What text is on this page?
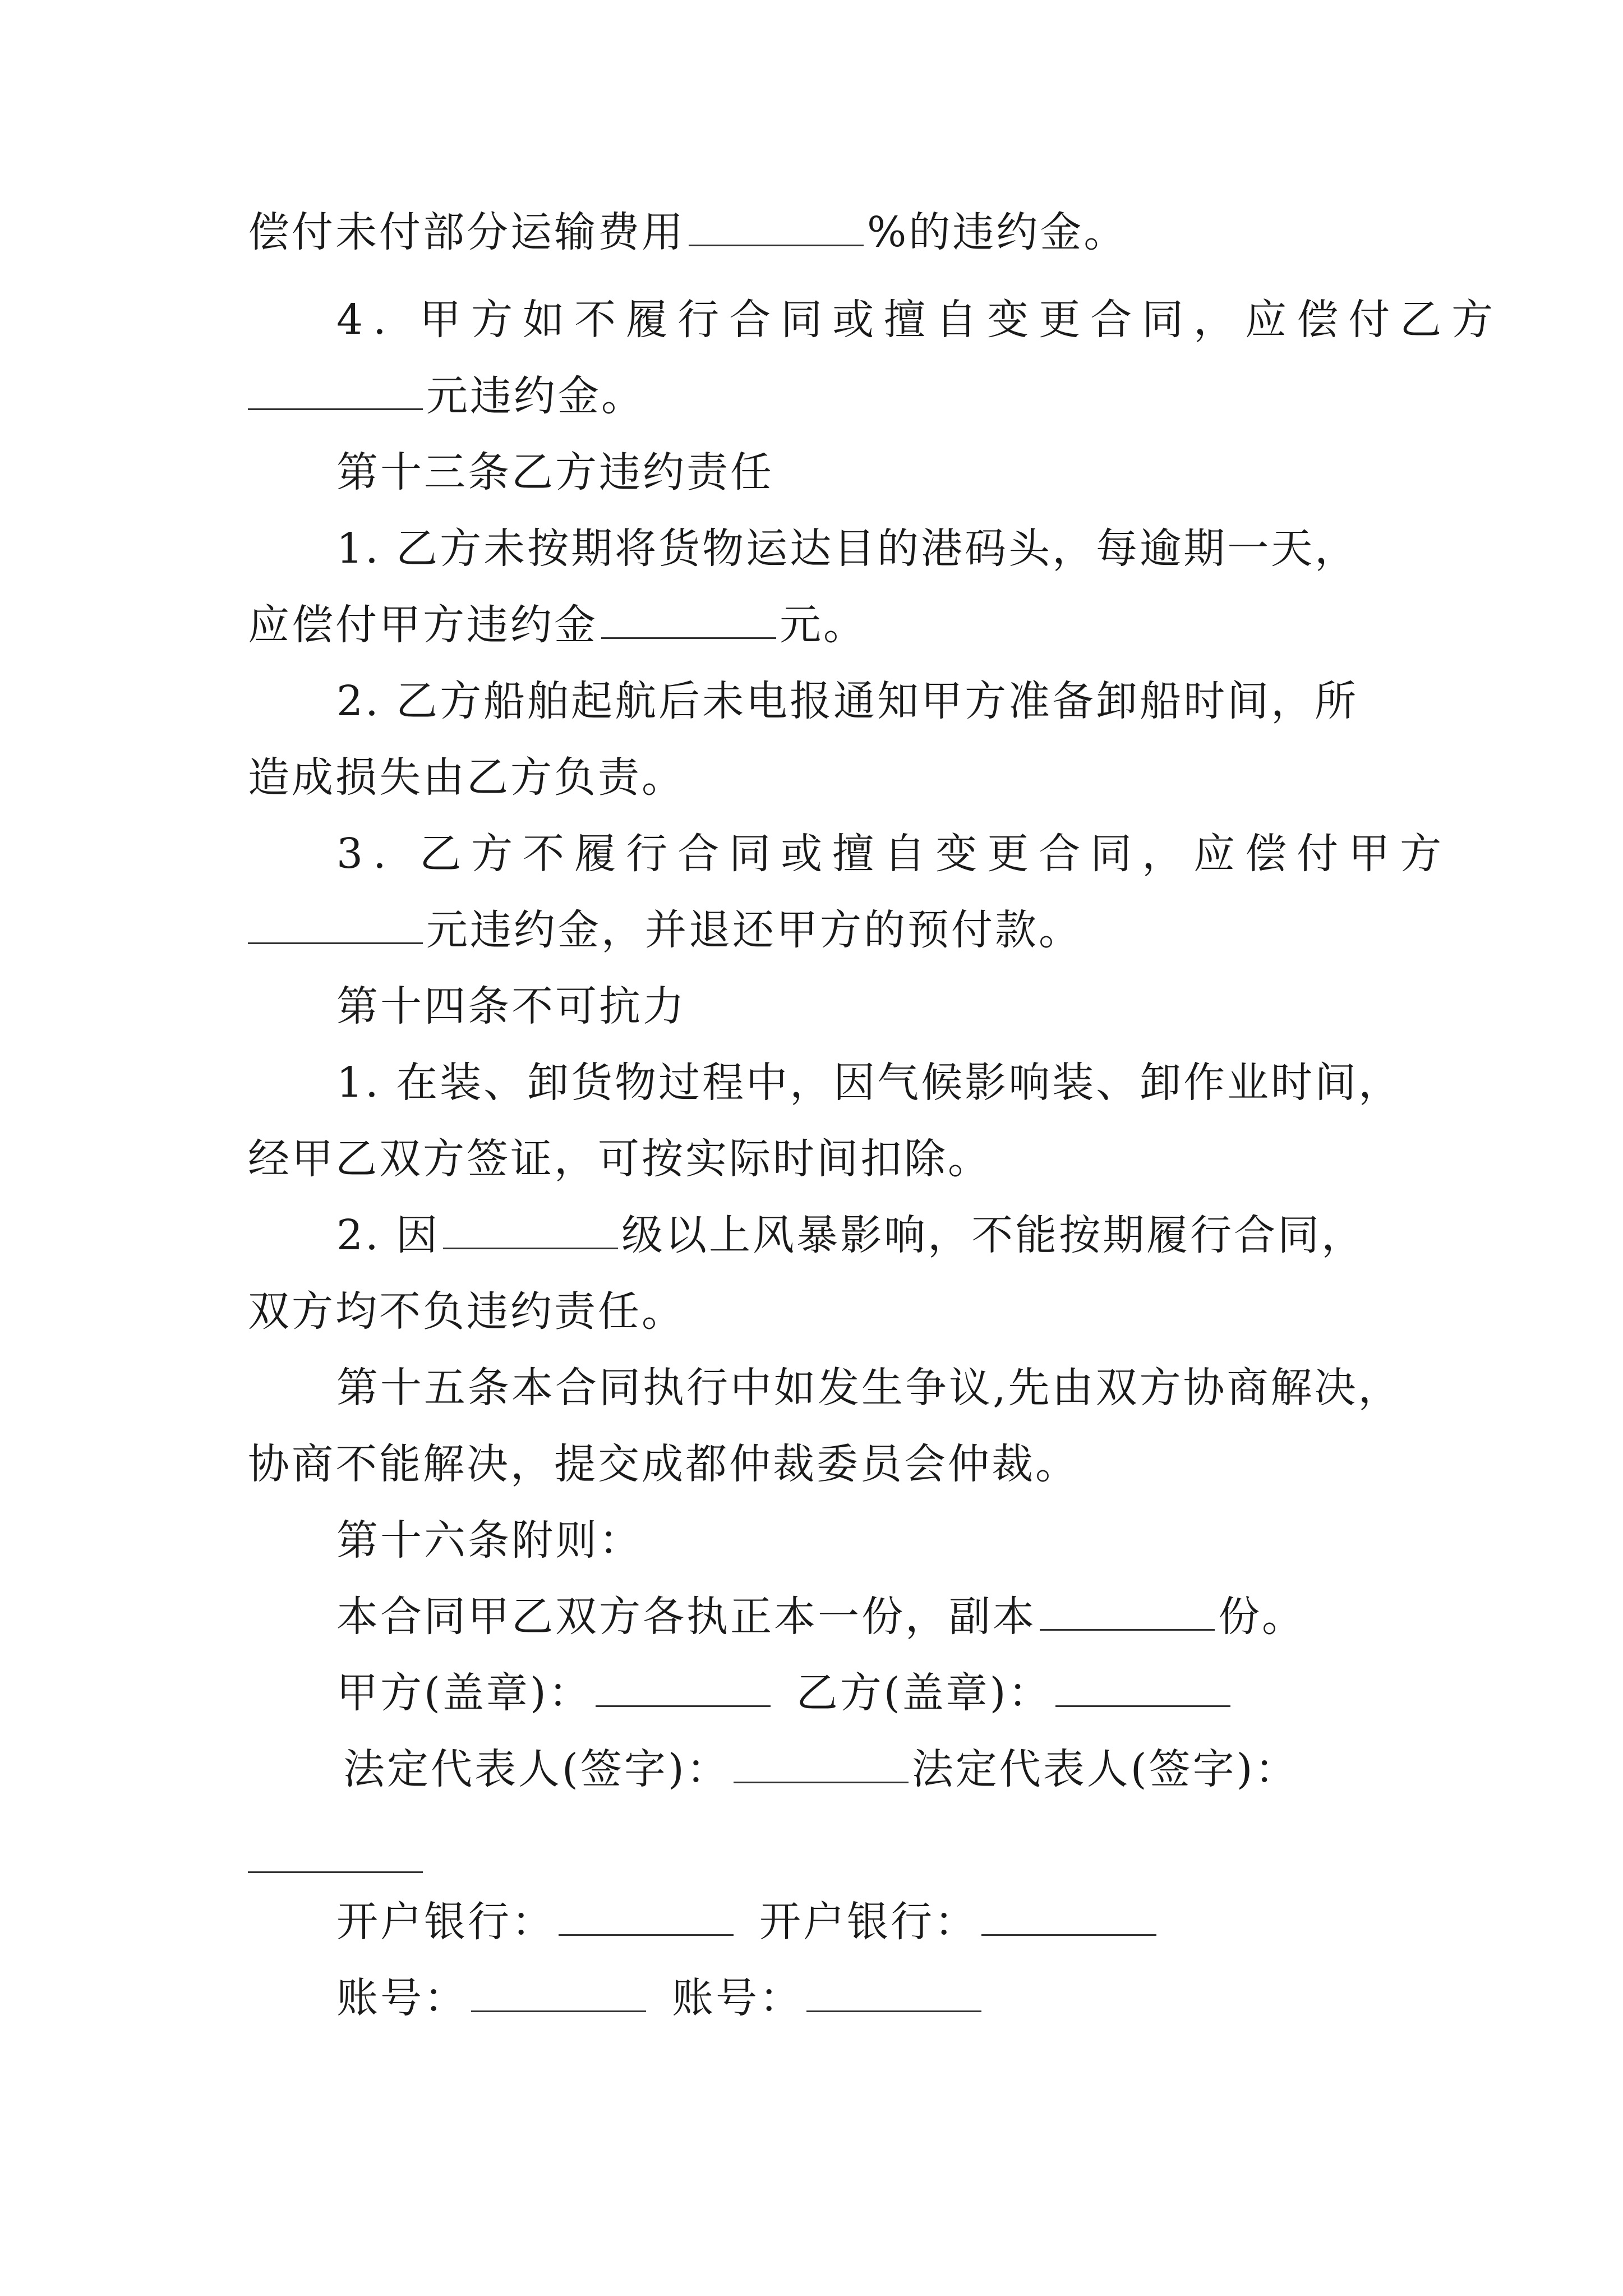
偿付未付部分运输费用	%的违约金。
4. 甲方如不履行合同或擅自变更合同，应偿付乙方
元违约金。
第十三条乙方违约责任
1. 乙方未按期将货物运达目的港码头，每逾期一天，
应偿付甲方违约金	元。
2. 乙方船舶起航后未电报通知甲方准备卸船时间，所
造成损失由乙方负责。
3. 乙方不履行合同或擅自变更合同，应偿付甲方
元违约金，并退还甲方的预付款。
第十四条不可抗力
1. 在装、卸货物过程中，因气候影响装、卸作业时间，
经甲乙双方签证，可按实际时间扣除。
2. 因	级以上风暴影响，不能按期履行合同，
双方均不负违约责任。
第十五条本合同执行中如发生争议,先由双方协商解决，
协商不能解决，提交成都仲裁委员会仲裁。
第十六条附则：
本合同甲乙双方各执正本一份，副本	份。
甲方(盖章)：	乙方(盖章)：
法定代表人(签字)：	法定代表人(签字)：
开户银行：	开户银行：
账号：	账号：
